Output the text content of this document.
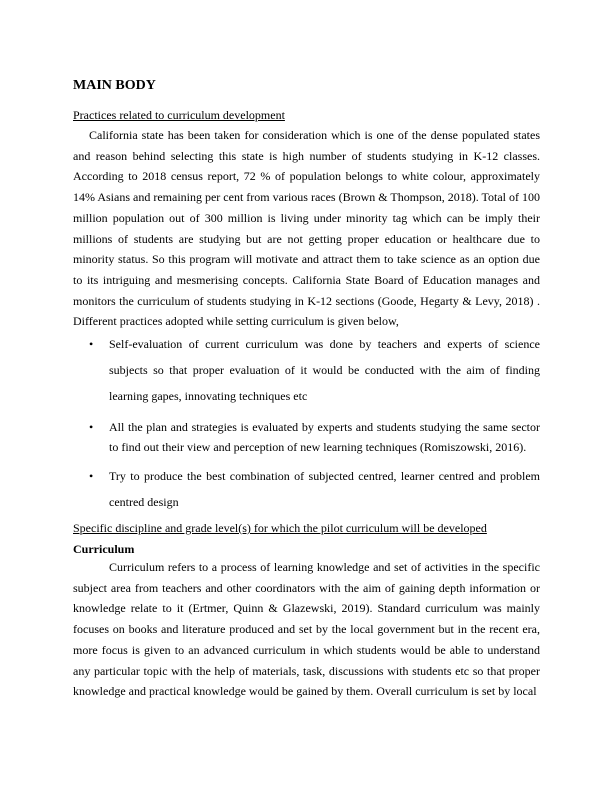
MAIN BODY

Practices related to curriculum development

California state has been taken for consideration which is one of the dense populated states and reason behind selecting this state is high number of students studying in K-12 classes. According to 2018 census report, 72 % of population belongs to white colour, approximately 14% Asians and remaining per cent from various races (Brown & Thompson, 2018). Total of 100 million population out of 300 million is living under minority tag which can be imply their millions of students are studying but are not getting proper education or healthcare due to minority status. So this program will motivate and attract them to take science as an option due to its intriguing and mesmerising concepts. California State Board of Education manages and monitors the curriculum of students studying in K-12 sections (Goode, Hegarty & Levy, 2018) . Different practices adopted while setting curriculum is given below,

• Self-evaluation of current curriculum was done by teachers and experts of science subjects so that proper evaluation of it would be conducted with the aim of finding learning gapes, innovating techniques etc
• All the plan and strategies is evaluated by experts and students studying the same sector to find out their view and perception of new learning techniques (Romiszowski, 2016).
• Try to produce the best combination of subjected centred, learner centred and problem centred design

Specific discipline and grade level(s) for which the pilot curriculum will be developed

Curriculum

Curriculum refers to a process of learning knowledge and set of activities in the specific subject area from teachers and other coordinators with the aim of gaining depth information or knowledge relate to it (Ertmer, Quinn & Glazewski, 2019). Standard curriculum was mainly focuses on books and literature produced and set by the local government but in the recent era, more focus is given to an advanced curriculum in which students would be able to understand any particular topic with the help of materials, task, discussions with students etc so that proper knowledge and practical knowledge would be gained by them. Overall curriculum is set by local
